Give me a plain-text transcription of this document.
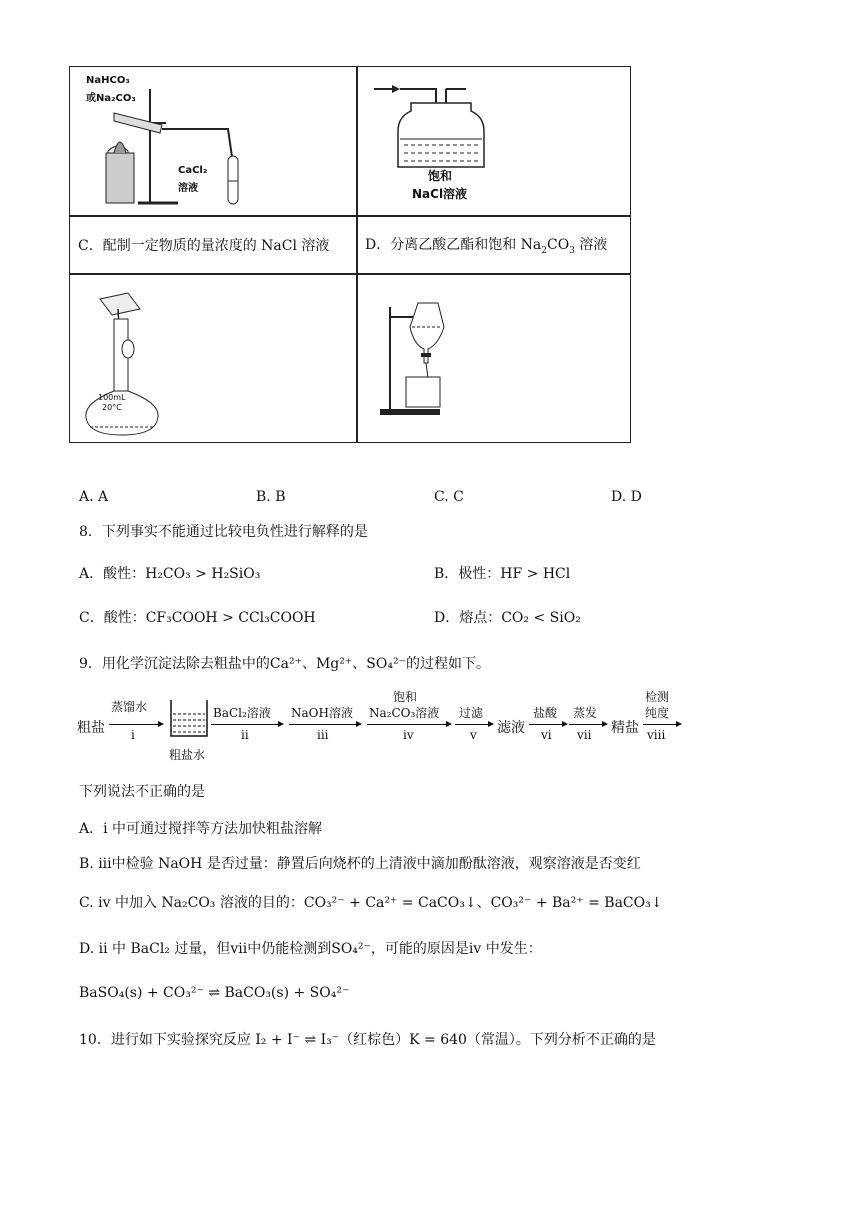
NaHCO₃
或Na₂CO₃
CaCl₂
溶液
饱和
NaCl溶液
C．配制一定物质的量浓度的 NaCl 溶液	D．分离乙酸乙酯和饱和 $Na_2CO_3$ 溶液
100mL
20°C
A. A	B. B	C. C	D. D
8．下列事实不能通过比较电负性进行解释的是
A．酸性：H₂CO₃ > H₂SiO₃	B．极性：HF > HCl
C．酸性：CF₃COOH > CCl₃COOH	D．熔点：CO₂ < SiO₂
9．用化学沉淀法除去粗盐中的Ca²⁺、Mg²⁺、SO₄²⁻的过程如下。
粗盐
蒸馏水
i
粗盐水
BaCl₂溶液
ii
NaOH溶液
iii
饱和
Na₂CO₃溶液
iv
过滤
v 滤液
盐酸
vi
蒸发
vii 精盐
检测
纯度
viii
下列说法不正确的是
A．i 中可通过搅拌等方法加快粗盐溶解
B. iii中检验 NaOH 是否过量：静置后向烧杯的上清液中滴加酚酞溶液，观察溶液是否变红
C. iv 中加入 Na₂CO₃ 溶液的目的：CO₃²⁻ + Ca²⁺ = CaCO₃↓、CO₃²⁻ + Ba²⁺ = BaCO₃↓
D. ii 中 BaCl₂ 过量，但vii中仍能检测到SO₄²⁻，可能的原因是iv 中发生：
BaSO₄(s) + CO₃²⁻ ⇌ BaCO₃(s) + SO₄²⁻
10．进行如下实验探究反应 I₂ + I⁻ ⇌ I₃⁻（红棕色）K = 640（常温）。下列分析不正确的是
